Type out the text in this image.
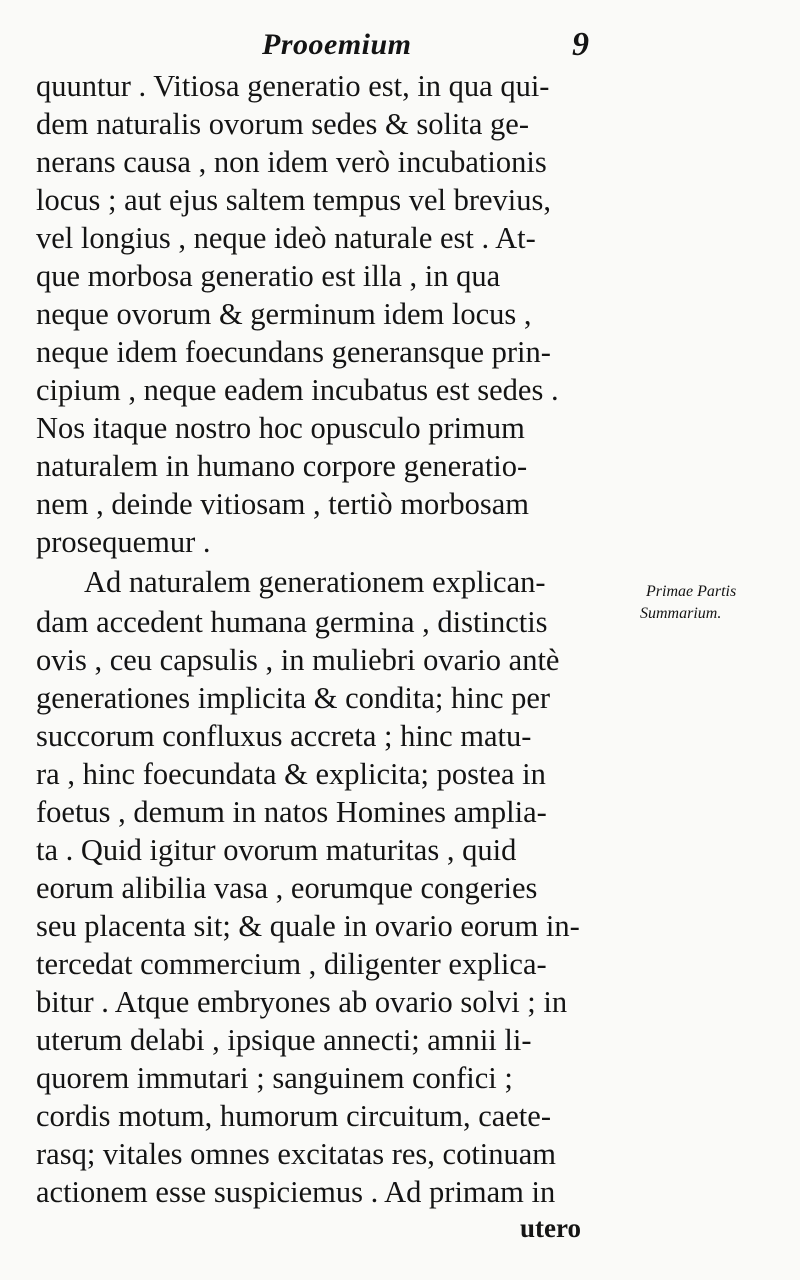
Prooemium	9
quuntur . Vitiosa generatio est, in qua qui-
dem naturalis ovorum sedes & solita ge-
nerans causa , non idem verò incubationis
locus ; aut ejus saltem tempus vel brevius,
vel longius , neque ideò naturale est . At-
que morbosa generatio est illa , in qua
neque ovorum & germinum idem locus ,
neque idem foecundans generansque prin-
cipium , neque eadem incubatus est sedes .
Nos itaque nostro hoc opusculo primum
naturalem in humano corpore generatio-
nem , deinde vitiosam , tertiò morbosam
prosequemur .
Ad naturalem generationem explican-
dam accedent humana germina , distinctis
ovis , ceu capsulis , in muliebri ovario antè
generationes implicita & condita; hinc per
succorum confluxus accreta ; hinc matu-
ra , hinc foecundata & explicita; postea in
foetus , demum in natos Homines amplia-
ta . Quid igitur ovorum maturitas , quid
eorum alibilia vasa , eorumque congeries
seu placenta sit; & quale in ovario eorum in-
tercedat commercium , diligenter explica-
bitur . Atque embryones ab ovario solvi ; in
uterum delabi , ipsique annecti; amnii li-
quorem immutari ; sanguinem confici ;
cordis motum, humorum circuitum, caete-
rasq; vitales omnes excitatas res, cotinuam
actionem esse suspiciemus . Ad primam in
Primae Partis
Summarium.
utero
